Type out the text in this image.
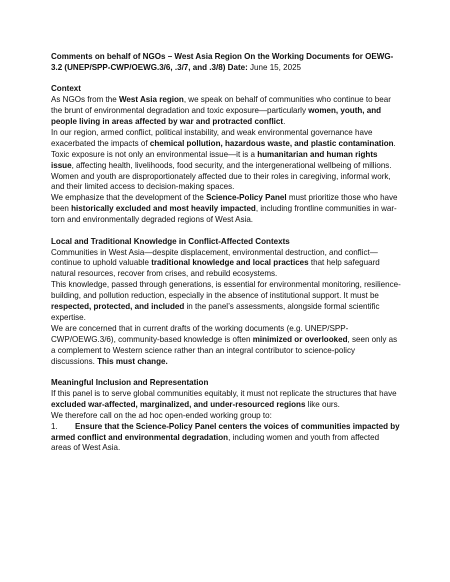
Comments on behalf of NGOs – West Asia Region On the Working Documents for OEWG-3.2 (UNEP/SPP-CWP/OEWG.3/6, .3/7, and .3/8) Date: June 15, 2025

Context

As NGOs from the West Asia region, we speak on behalf of communities who continue to bear the brunt of environmental degradation and toxic exposure—particularly women, youth, and people living in areas affected by war and protracted conflict.

In our region, armed conflict, political instability, and weak environmental governance have exacerbated the impacts of chemical pollution, hazardous waste, and plastic contamination. Toxic exposure is not only an environmental issue—it is a humanitarian and human rights issue, affecting health, livelihoods, food security, and the intergenerational wellbeing of millions. Women and youth are disproportionately affected due to their roles in caregiving, informal work, and their limited access to decision-making spaces.

We emphasize that the development of the Science-Policy Panel must prioritize those who have been historically excluded and most heavily impacted, including frontline communities in war-torn and environmentally degraded regions of West Asia.

Local and Traditional Knowledge in Conflict-Affected Contexts

Communities in West Asia—despite displacement, environmental destruction, and conflict—continue to uphold valuable traditional knowledge and local practices that help safeguard natural resources, recover from crises, and rebuild ecosystems.

This knowledge, passed through generations, is essential for environmental monitoring, resilience-building, and pollution reduction, especially in the absence of institutional support. It must be respected, protected, and included in the panel’s assessments, alongside formal scientific expertise.

We are concerned that in current drafts of the working documents (e.g. UNEP/SPP-CWP/OEWG.3/6), community-based knowledge is often minimized or overlooked, seen only as a complement to Western science rather than an integral contributor to science-policy discussions. This must change.

Meaningful Inclusion and Representation

If this panel is to serve global communities equitably, it must not replicate the structures that have excluded war-affected, marginalized, and under-resourced regions like ours.

We therefore call on the ad hoc open-ended working group to:

1. Ensure that the Science-Policy Panel centers the voices of communities impacted by armed conflict and environmental degradation, including women and youth from affected areas of West Asia.
